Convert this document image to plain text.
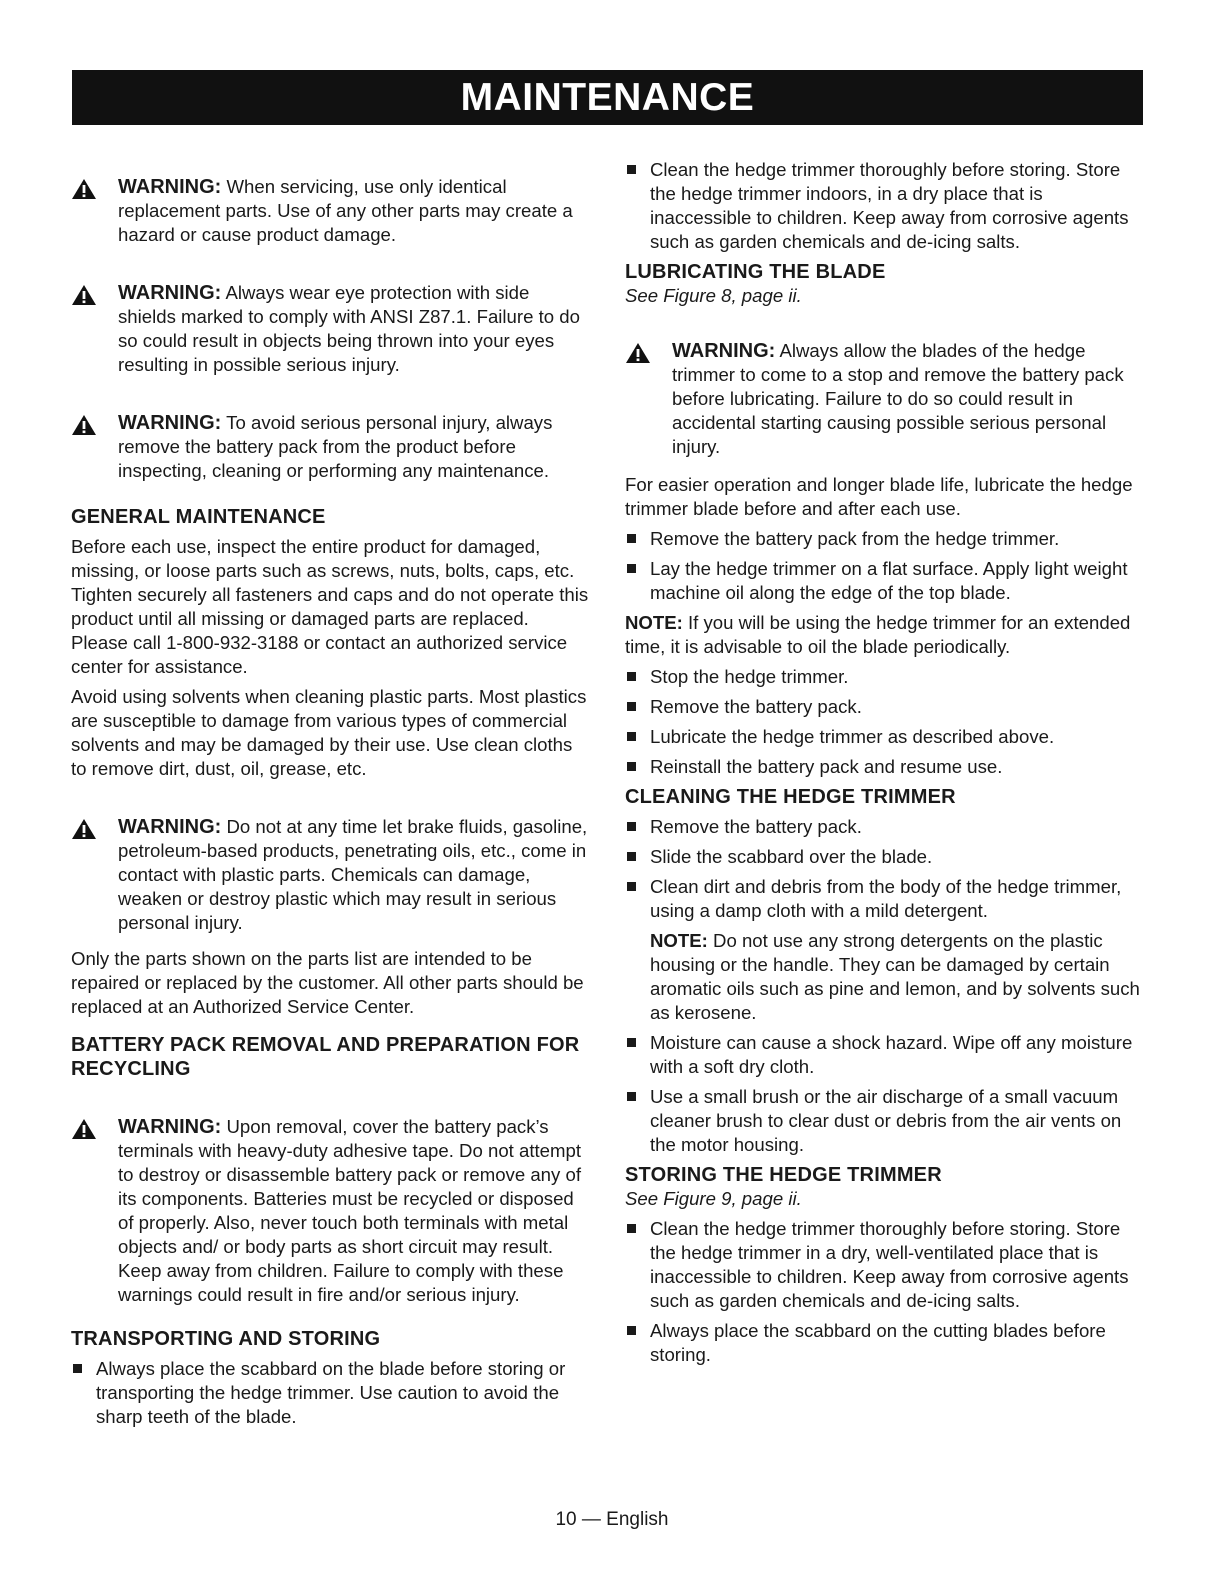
MAINTENANCE

WARNING: When servicing, use only identical replacement parts. Use of any other parts may create a hazard or cause product damage.

WARNING: Always wear eye protection with side shields marked to comply with ANSI Z87.1. Failure to do so could result in objects being thrown into your eyes resulting in possible serious injury.

WARNING: To avoid serious personal injury, always remove the battery pack from the product before inspecting, cleaning or performing any maintenance.

GENERAL MAINTENANCE

Before each use, inspect the entire product for damaged, missing, or loose parts such as screws, nuts, bolts, caps, etc. Tighten securely all fasteners and caps and do not operate this product until all missing or damaged parts are replaced. Please call 1-800-932-3188 or contact an authorized service center for assistance.

Avoid using solvents when cleaning plastic parts. Most plastics are susceptible to damage from various types of commercial solvents and may be damaged by their use. Use clean cloths to remove dirt, dust, oil, grease, etc.

WARNING: Do not at any time let brake fluids, gasoline, petroleum-based products, penetrating oils, etc., come in contact with plastic parts. Chemicals can damage, weaken or destroy plastic which may result in serious personal injury.

Only the parts shown on the parts list are intended to be repaired or replaced by the customer. All other parts should be replaced at an Authorized Service Center.

BATTERY PACK REMOVAL AND PREPARATION FOR RECYCLING

WARNING: Upon removal, cover the battery pack’s terminals with heavy-duty adhesive tape. Do not attempt to destroy or disassemble battery pack or remove any of its components. Batteries must be recycled or disposed of properly. Also, never touch both terminals with metal objects and/ or body parts as short circuit may result. Keep away from children. Failure to comply with these warnings could result in fire and/or serious injury.

TRANSPORTING AND STORING
Always place the scabbard on the blade before storing or transporting the hedge trimmer. Use caution to avoid the sharp teeth of the blade.
Clean the hedge trimmer thoroughly before storing. Store the hedge trimmer indoors, in a dry place that is inaccessible to children. Keep away from corrosive agents such as garden chemicals and de-icing salts.
LUBRICATING THE BLADE

See Figure 8, page ii.

WARNING: Always allow the blades of the hedge trimmer to come to a stop and remove the battery pack before lubricating. Failure to do so could result in accidental starting causing possible serious personal injury.

For easier operation and longer blade life, lubricate the hedge trimmer blade before and after each use.

Remove the battery pack from the hedge trimmer.
Lay the hedge trimmer on a flat surface. Apply light weight machine oil along the edge of the top blade.

NOTE: If you will be using the hedge trimmer for an extended time, it is advisable to oil the blade periodically.

Stop the hedge trimmer.
Remove the battery pack.
Lubricate the hedge trimmer as described above.
Reinstall the battery pack and resume use.
CLEANING THE HEDGE TRIMMER
Remove the battery pack.
Slide the scabbard over the blade.
Clean dirt and debris from the body of the hedge trimmer, using a damp cloth with a mild detergent.

NOTE: Do not use any strong detergents on the plastic housing or the handle. They can be damaged by certain aromatic oils such as pine and lemon, and by solvents such as kerosene.

Moisture can cause a shock hazard. Wipe off any moisture with a soft dry cloth.
Use a small brush or the air discharge of a small vacuum cleaner brush to clear dust or debris from the air vents on the motor housing.
STORING THE HEDGE TRIMMER

See Figure 9, page ii.

Clean the hedge trimmer thoroughly before storing. Store the hedge trimmer in a dry, well-ventilated place that is inaccessible to children. Keep away from corrosive agents such as garden chemicals and de-icing salts.
Always place the scabbard on the cutting blades before storing.
10 — English
